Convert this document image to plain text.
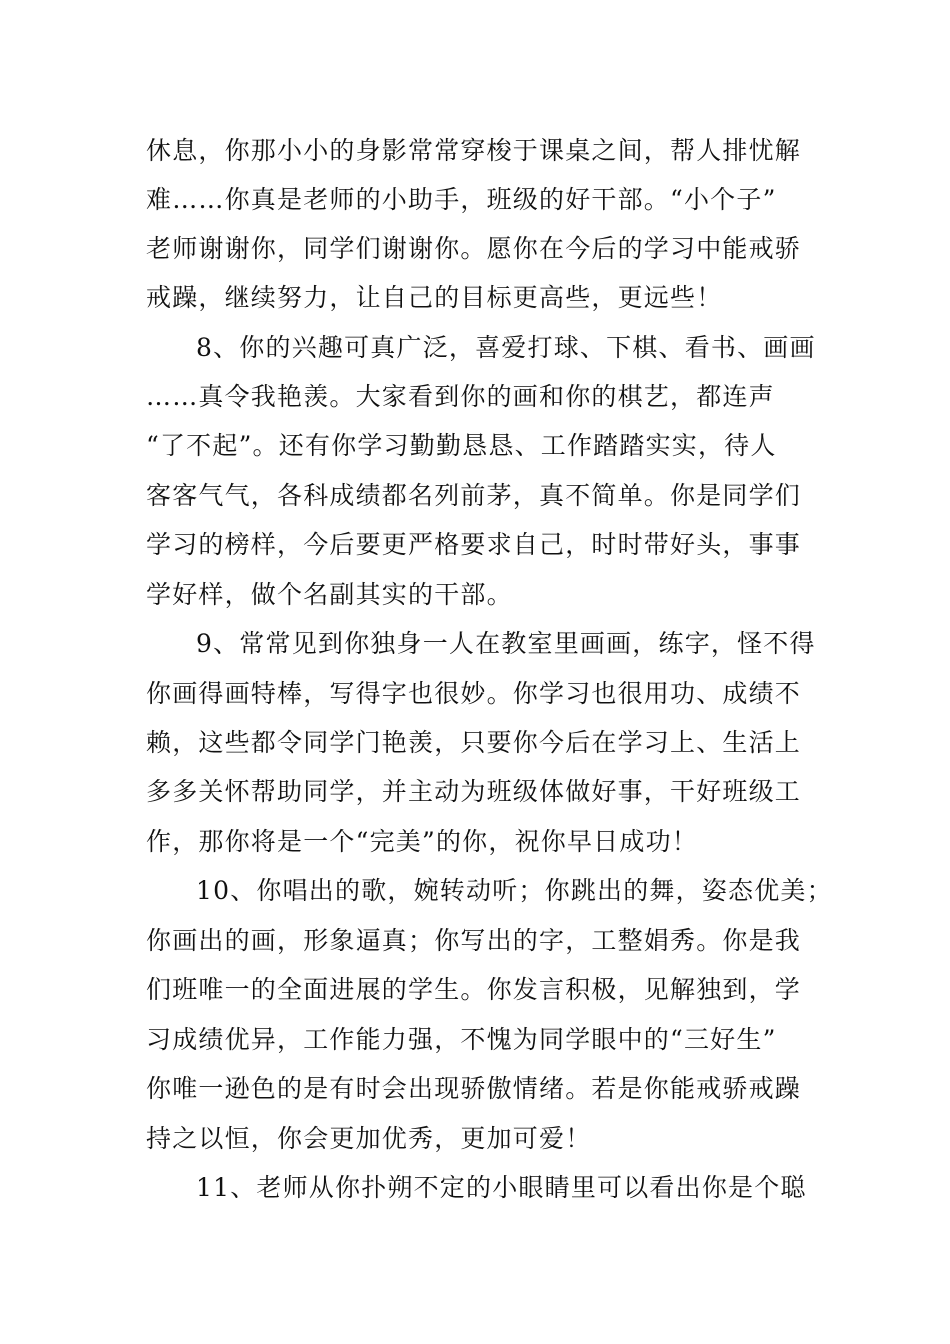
休息，你那小小的身影常常穿梭于课桌之间，帮人排忧解
难……你真是老师的小助手，班级的好干部。“小个子”
老师谢谢你，同学们谢谢你。愿你在今后的学习中能戒骄
戒躁，继续努力，让自己的目标更高些，更远些！
8、你的兴趣可真广泛，喜爱打球、下棋、看书、画画
……真令我艳羡。大家看到你的画和你的棋艺，都连声
“了不起”。还有你学习勤勤恳恳、工作踏踏实实，待人
客客气气，各科成绩都名列前茅，真不简单。你是同学们
学习的榜样，今后要更严格要求自己，时时带好头，事事
学好样，做个名副其实的干部。
9、常常见到你独身一人在教室里画画，练字，怪不得
你画得画特棒，写得字也很妙。你学习也很用功、成绩不
赖，这些都令同学门艳羡，只要你今后在学习上、生活上
多多关怀帮助同学，并主动为班级体做好事，干好班级工
作，那你将是一个“完美”的你，祝你早日成功！
10、你唱出的歌，婉转动听；你跳出的舞，姿态优美；
你画出的画，形象逼真；你写出的字，工整娟秀。你是我
们班唯一的全面进展的学生。你发言积极，见解独到，学
习成绩优异，工作能力强，不愧为同学眼中的“三好生”
你唯一逊色的是有时会出现骄傲情绪。若是你能戒骄戒躁
持之以恒，你会更加优秀，更加可爱！
11、老师从你扑朔不定的小眼睛里可以看出你是个聪
